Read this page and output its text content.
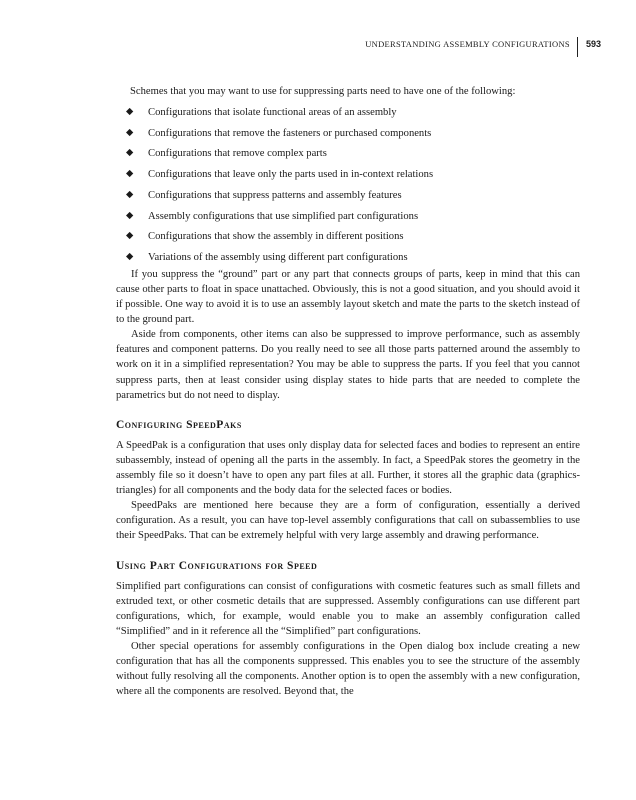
UNDERSTANDING ASSEMBLY CONFIGURATIONS	593

Schemes that you may want to use for suppressing parts need to have one of the following:

◆ Configurations that isolate functional areas of an assembly
◆ Configurations that remove the fasteners or purchased components
◆ Configurations that remove complex parts
◆ Configurations that leave only the parts used in in-context relations
◆ Configurations that suppress patterns and assembly features
◆ Assembly configurations that use simplified part configurations
◆ Configurations that show the assembly in different positions
◆ Variations of the assembly using different part configurations

If you suppress the “ground” part or any part that connects groups of parts, keep in mind that this can cause other parts to float in space unattached. Obviously, this is not a good situation, and you should avoid it if possible. One way to avoid it is to use an assembly layout sketch and mate the parts to the sketch instead of to the ground part.

Aside from components, other items can also be suppressed to improve performance, such as assembly features and component patterns. Do you really need to see all those parts patterned around the assembly to work on it in a simplified representation? You may be able to suppress the parts. If you feel that you cannot suppress parts, then at least consider using display states to hide parts that are needed to complete the parametrics but do not need to display.

Configuring SpeedPaks

A SpeedPak is a configuration that uses only display data for selected faces and bodies to represent an entire subassembly, instead of opening all the parts in the assembly. In fact, a SpeedPak stores the geometry in the assembly file so it doesn’t have to open any part files at all. Further, it stores all the graphic data (graphics-triangles) for all components and the body data for the selected faces or bodies.

SpeedPaks are mentioned here because they are a form of configuration, essentially a derived configuration. As a result, you can have top-level assembly configurations that call on subassemblies to use their SpeedPaks. That can be extremely helpful with very large assembly and drawing performance.

Using Part Configurations for Speed

Simplified part configurations can consist of configurations with cosmetic features such as small fillets and extruded text, or other cosmetic details that are suppressed. Assembly configurations can use different part configurations, which, for example, would enable you to make an assembly configuration called “Simplified” and in it reference all the “Simplified” part configurations.

Other special operations for assembly configurations in the Open dialog box include creating a new configuration that has all the components suppressed. This enables you to see the structure of the assembly without fully resolving all the components. Another option is to open the assembly with a new configuration, where all the components are resolved. Beyond that, the
